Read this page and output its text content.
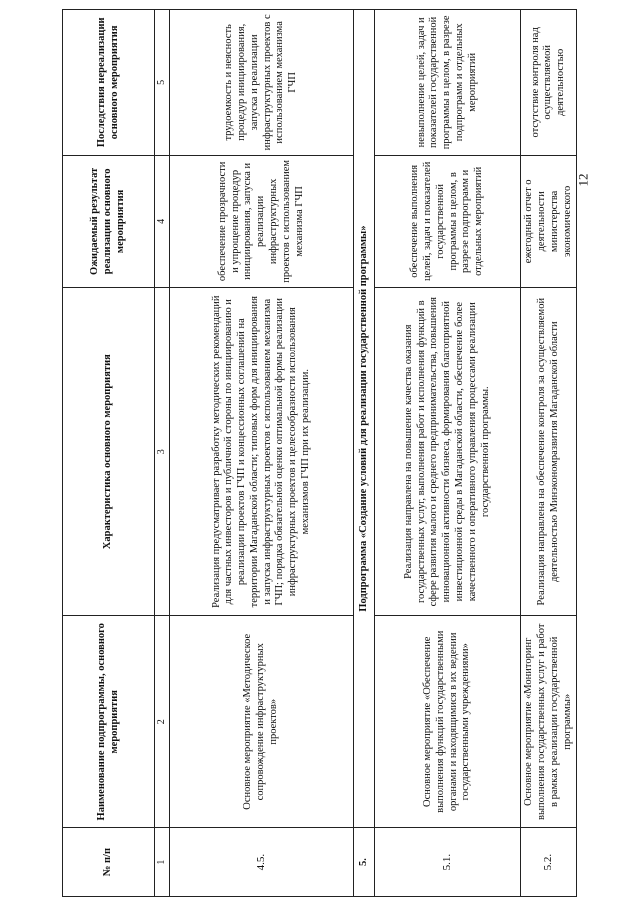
12
№ п/п	Наименование подпрограммы, основного мероприятия	Характеристика основного мероприятия	Ожидаемый результат реализации основного мероприятия	Последствия нереализации основного мероприятия
1	2	3	4	5
4.5.	Основное мероприятие «Методическое сопровождение инфраструктурных проектов»	Реализация предусматривает разработку методических рекомендаций для частных инвесторов и публичной стороны по инициированию и реализации проектов ГЧП и концессионных соглашений на территории Магаданской области; типовых форм для инициирования и запуска инфраструктурных проектов с использованием механизма ГЧП; порядка обязательной оценки оптимальной формы реализации инфраструктурных проектов и целесообразности использования механизмов ГЧП при их реализации.	обеспечение прозрачности и упрощение процедур инициирования, запуска и реализации инфраструктурных проектов с использованием механизма ГЧП	трудоемкость и неясность процедур инициирования, запуска и реализации инфраструктурных проектов с использованием механизма ГЧП
5.	Подпрограмма «Создание условий для реализации государственной программы»			
5.1.	Основное мероприятие «Обеспечение выполнения функций государственными органами и находящимися в их ведении государственными учреждениями»	Реализация направлена на повышение качества оказания государственных услуг, выполнения работ и исполнения функций в сфере развития малого и среднего предпринимательства, повышения инновационной активности бизнеса, формирования благоприятной инвестиционной среды в Магаданской области, обеспечение более качественного и оперативного управления процессами реализации государственной программы.	обеспечение выполнения целей, задач и показателей государственной программы в целом, в разрезе подпрограмм и отдельных мероприятий	невыполнение целей, задач и показателей государственной программы в целом, в разрезе подпрограмм и отдельных мероприятий
5.2.	Основное мероприятие «Мониторинг выполнения государственных услуг и работ в рамках реализации государственной программы»	Реализация направлена на обеспечение контроля за осуществляемой деятельностью Минэкономразвития Магаданской области	ежегодный отчет о деятельности министерства экономического	отсутствие контроля над осуществляемой деятельностью
